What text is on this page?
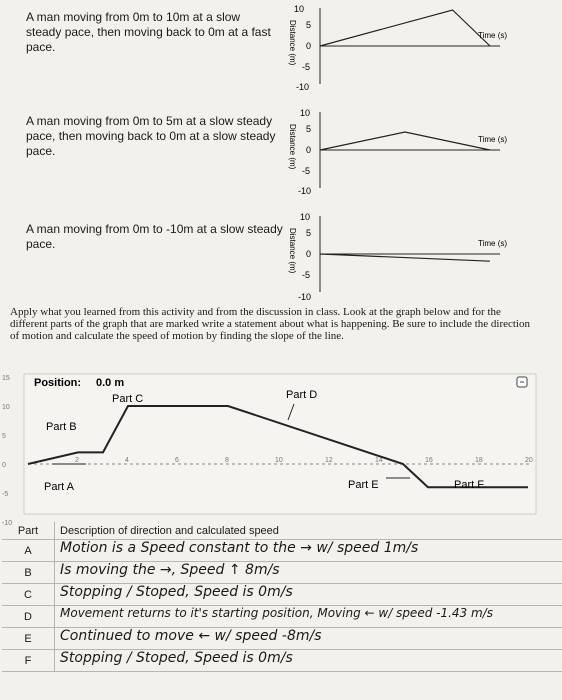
A man moving from 0m to 10m at a slow steady pace, then moving back to 0m at a fast pace.
A man moving from 0m to 5m at a slow steady pace, then moving back to 0m at a slow steady pace.
A man moving from 0m to -10m at a slow steady pace.
10
5
0
-5
-10
Distance (m)	Time (s)
10
5
0
-5
-10
Distance (m)	Time (s)
10
5
0
-5
-10
Distance (m)	Time (s)
Apply what you learned from this activity and from the discussion in class. Look at the graph below and for the different parts of the graph that are marked write a statement about what is happening. Be sure to include the direction of motion and calculate the speed of motion by finding the slope of the line.
2	4	6	8	10	12	14	16	18	20
15
10
5
0
-5
-10
Position: 0.0 m
Part C	Part D
Part B
Part A	Part E	Part F
Part	Description of direction and calculated speed
A	Motion is a Speed constant to the → w/ speed 1m/s
B	Is moving the →, Speed ↑ 8m/s
C	Stopping / Stoped, Speed is 0m/s
D	Movement returns to it's starting position, Moving ← w/ speed -1.43 m/s
E	Continued to move ← w/ speed -8m/s
F	Stopping / Stoped, Speed is 0m/s
